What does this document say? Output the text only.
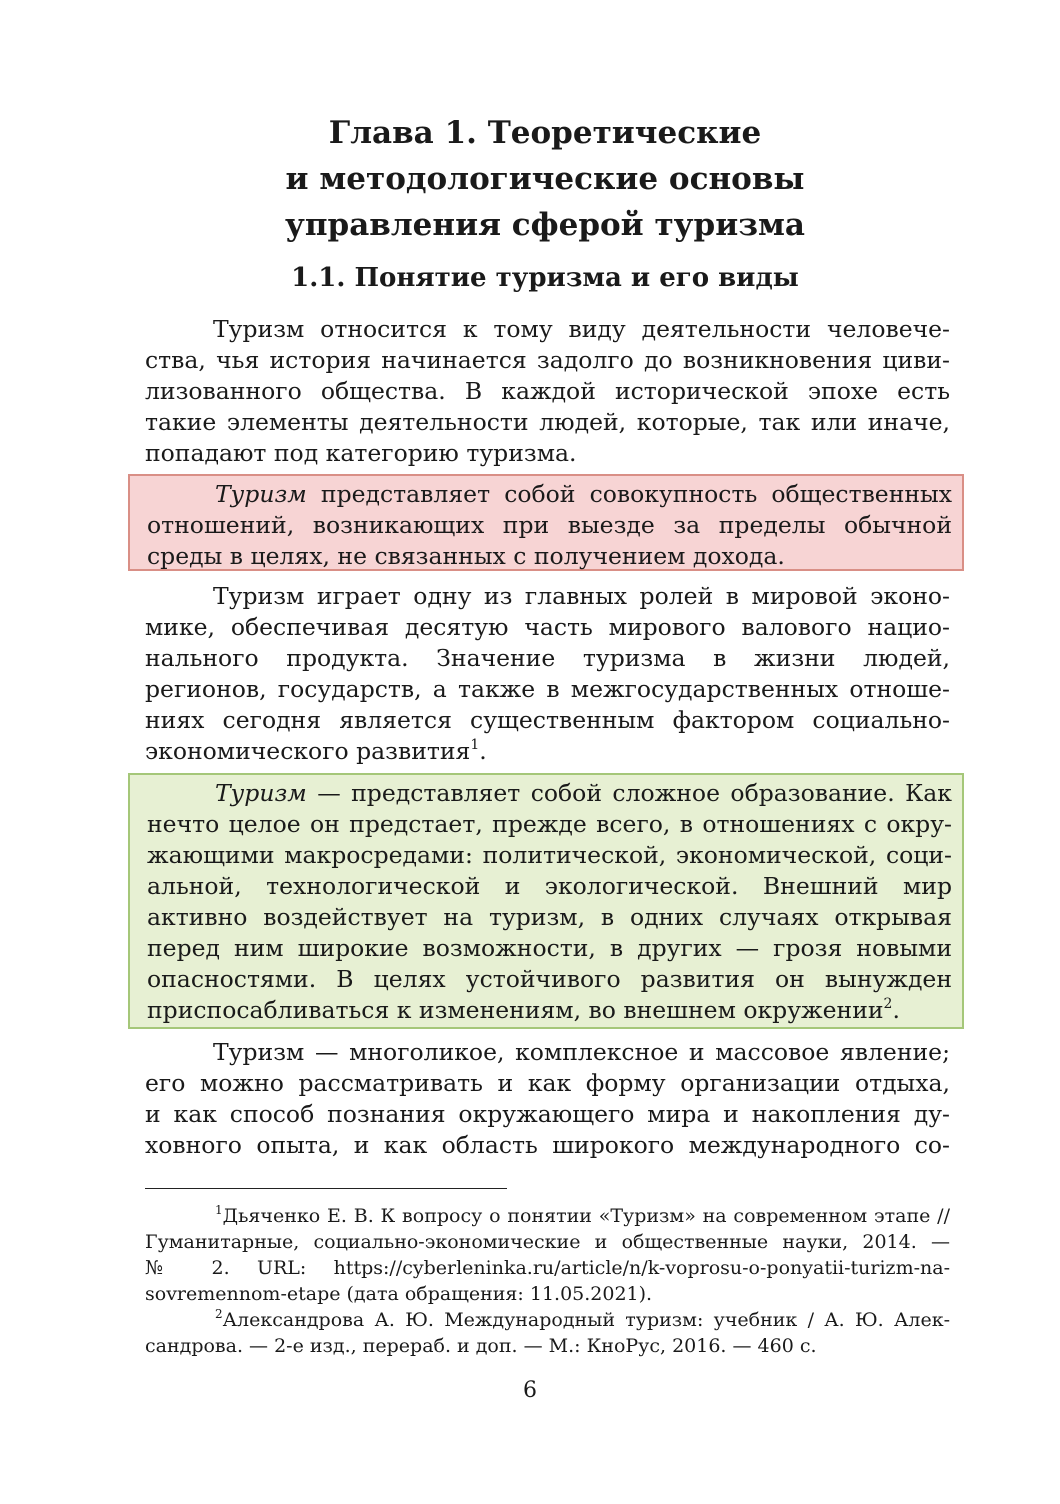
Глава 1. Теоретические
и методологические основы
управления сферой туризма
1.1. Понятие туризма и его виды
Туризм относится к тому виду деятельности человече-
ства, чья история начинается задолго до возникновения циви-
лизованного общества. В каждой исторической эпохе есть
такие элементы деятельности людей, которые, так или иначе,
попадают под категорию туризма.
Туризм представляет собой совокупность общественных
отношений, возникающих при выезде за пределы обычной
среды в целях, не связанных с получением дохода.
Туризм играет одну из главных ролей в мировой эконо-
мике, обеспечивая десятую часть мирового валового нацио-
нального продукта. Значение туризма в жизни людей,
регионов, государств, а также в межгосударственных отноше-
ниях сегодня является существенным фактором социально-
экономического развития$^1$.
Туризм — представляет собой сложное образование. Как
нечто целое он предстает, прежде всего, в отношениях с окру-
жающими макросредами: политической, экономической, соци-
альной, технологической и экологической. Внешний мир
активно воздействует на туризм, в одних случаях открывая
перед ним широкие возможности, в других — грозя новыми
опасностями. В целях устойчивого развития он вынужден
приспосабливаться к изменениям, во внешнем окружении$^2$.
Туризм — многоликое, комплексное и массовое явление;
его можно рассматривать и как форму организации отдыха,
и как способ познания окружающего мира и накопления ду-
ховного опыта, и как область широкого международного со-
$^1$Дьяченко Е. В. К вопросу о понятии «Туризм» на современном этапе //
Гуманитарные, социально-экономические и общественные науки, 2014. —
№ 2. URL: https://cyberleninka.ru/article/n/k-voprosu-o-ponyatii-turizm-na-
sovremennom-etape (дата обращения: 11.05.2021).
$^2$Александрова А. Ю. Международный туризм: учебник / А. Ю. Алек-
сандрова. — 2-е изд., перераб. и доп. — М.: КноРус, 2016. — 460 с.
6
